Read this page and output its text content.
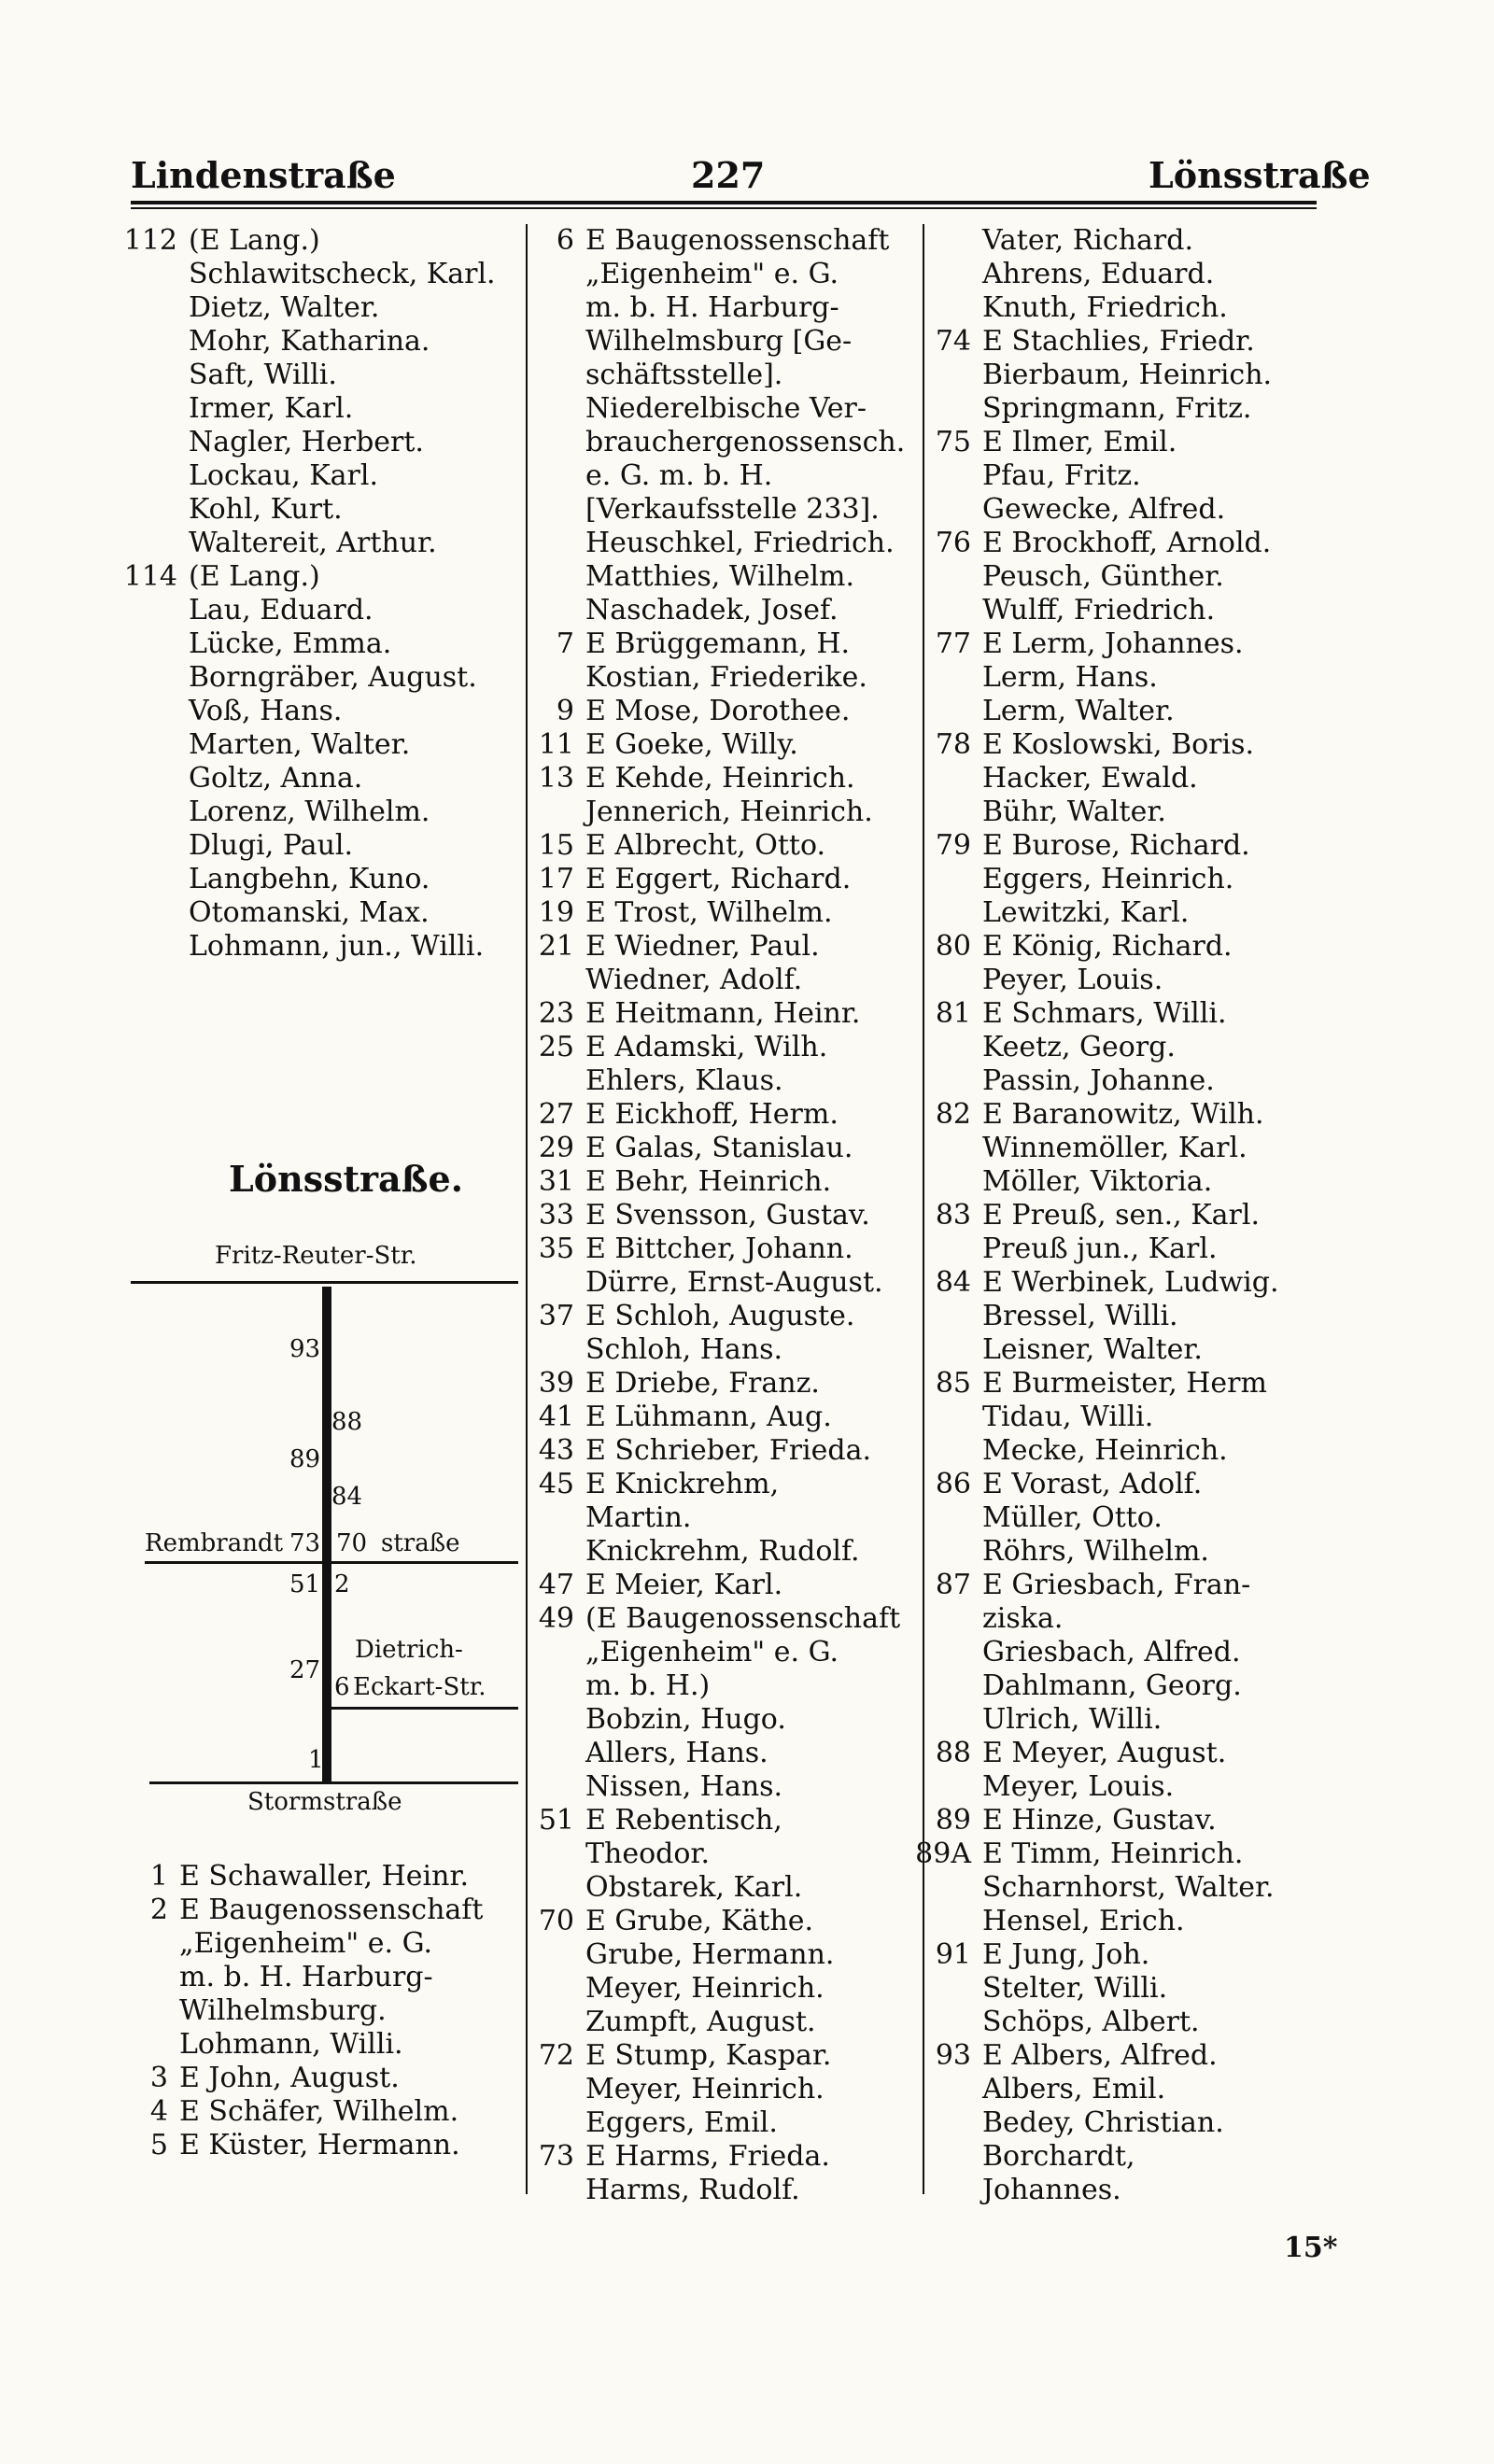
Lindenstraße	227	Lönsstraße
112 (E Lang.)
Schlawitscheck, Karl.
Dietz, Walter.
Mohr, Katharina.
Saft, Willi.
Irmer, Karl.
Nagler, Herbert.
Lockau, Karl.
Kohl, Kurt.
Waltereit, Arthur.
114 (E Lang.)
Lau, Eduard.
Lücke, Emma.
Borngräber, August.
Voß, Hans.
Marten, Walter.
Goltz, Anna.
Lorenz, Wilhelm.
Dlugi, Paul.
Langbehn, Kuno.
Otomanski, Max.
Lohmann, jun., Willi.
Lönsstraße.
Fritz-Reuter-Str.
93
88
89
84
Rembrandt 73 70 straße
51 2
Dietrich-
27
6 Eckart-Str.
1
Stormstraße
1 E Schawaller, Heinr.
2 E Baugenossenschaft
„Eigenheim" e. G.
m. b. H. Harburg-
Wilhelmsburg.
Lohmann, Willi.
3 E John, August.
4 E Schäfer, Wilhelm.
5 E Küster, Hermann.
6 E Baugenossenschaft
„Eigenheim" e. G.
m. b. H. Harburg-
Wilhelmsburg [Ge-
schäftsstelle].
Niederelbische Ver-
brauchergenossensch.
e. G. m. b. H.
[Verkaufsstelle 233].
Heuschkel, Friedrich.
Matthies, Wilhelm.
Naschadek, Josef.
7 E Brüggemann, H.
Kostian, Friederike.
9 E Mose, Dorothee.
11 E Goeke, Willy.
13 E Kehde, Heinrich.
Jennerich, Heinrich.
15 E Albrecht, Otto.
17 E Eggert, Richard.
19 E Trost, Wilhelm.
21 E Wiedner, Paul.
Wiedner, Adolf.
23 E Heitmann, Heinr.
25 E Adamski, Wilh.
Ehlers, Klaus.
27 E Eickhoff, Herm.
29 E Galas, Stanislau.
31 E Behr, Heinrich.
33 E Svensson, Gustav.
35 E Bittcher, Johann.
Dürre, Ernst-August.
37 E Schloh, Auguste.
Schloh, Hans.
39 E Driebe, Franz.
41 E Lühmann, Aug.
43 E Schrieber, Frieda.
45 E Knickrehm,
Martin.
Knickrehm, Rudolf.
47 E Meier, Karl.
49 (E Baugenossenschaft
„Eigenheim" e. G.
m. b. H.)
Bobzin, Hugo.
Allers, Hans.
Nissen, Hans.
51 E Rebentisch,
Theodor.
Obstarek, Karl.
70 E Grube, Käthe.
Grube, Hermann.
Meyer, Heinrich.
Zumpft, August.
72 E Stump, Kaspar.
Meyer, Heinrich.
Eggers, Emil.
73 E Harms, Frieda.
Harms, Rudolf.
Vater, Richard.
Ahrens, Eduard.
Knuth, Friedrich.
74 E Stachlies, Friedr.
Bierbaum, Heinrich.
Springmann, Fritz.
75 E Ilmer, Emil.
Pfau, Fritz.
Gewecke, Alfred.
76 E Brockhoff, Arnold.
Peusch, Günther.
Wulff, Friedrich.
77 E Lerm, Johannes.
Lerm, Hans.
Lerm, Walter.
78 E Koslowski, Boris.
Hacker, Ewald.
Bühr, Walter.
79 E Burose, Richard.
Eggers, Heinrich.
Lewitzki, Karl.
80 E König, Richard.
Peyer, Louis.
81 E Schmars, Willi.
Keetz, Georg.
Passin, Johanne.
82 E Baranowitz, Wilh.
Winnemöller, Karl.
Möller, Viktoria.
83 E Preuß, sen., Karl.
Preuß jun., Karl.
84 E Werbinek, Ludwig.
Bressel, Willi.
Leisner, Walter.
85 E Burmeister, Herm
Tidau, Willi.
Mecke, Heinrich.
86 E Vorast, Adolf.
Müller, Otto.
Röhrs, Wilhelm.
87 E Griesbach, Fran-
ziska.
Griesbach, Alfred.
Dahlmann, Georg.
Ulrich, Willi.
88 E Meyer, August.
Meyer, Louis.
89 E Hinze, Gustav.
89A E Timm, Heinrich.
Scharnhorst, Walter.
Hensel, Erich.
91 E Jung, Joh.
Stelter, Willi.
Schöps, Albert.
93 E Albers, Alfred.
Albers, Emil.
Bedey, Christian.
Borchardt,
Johannes.
15*
